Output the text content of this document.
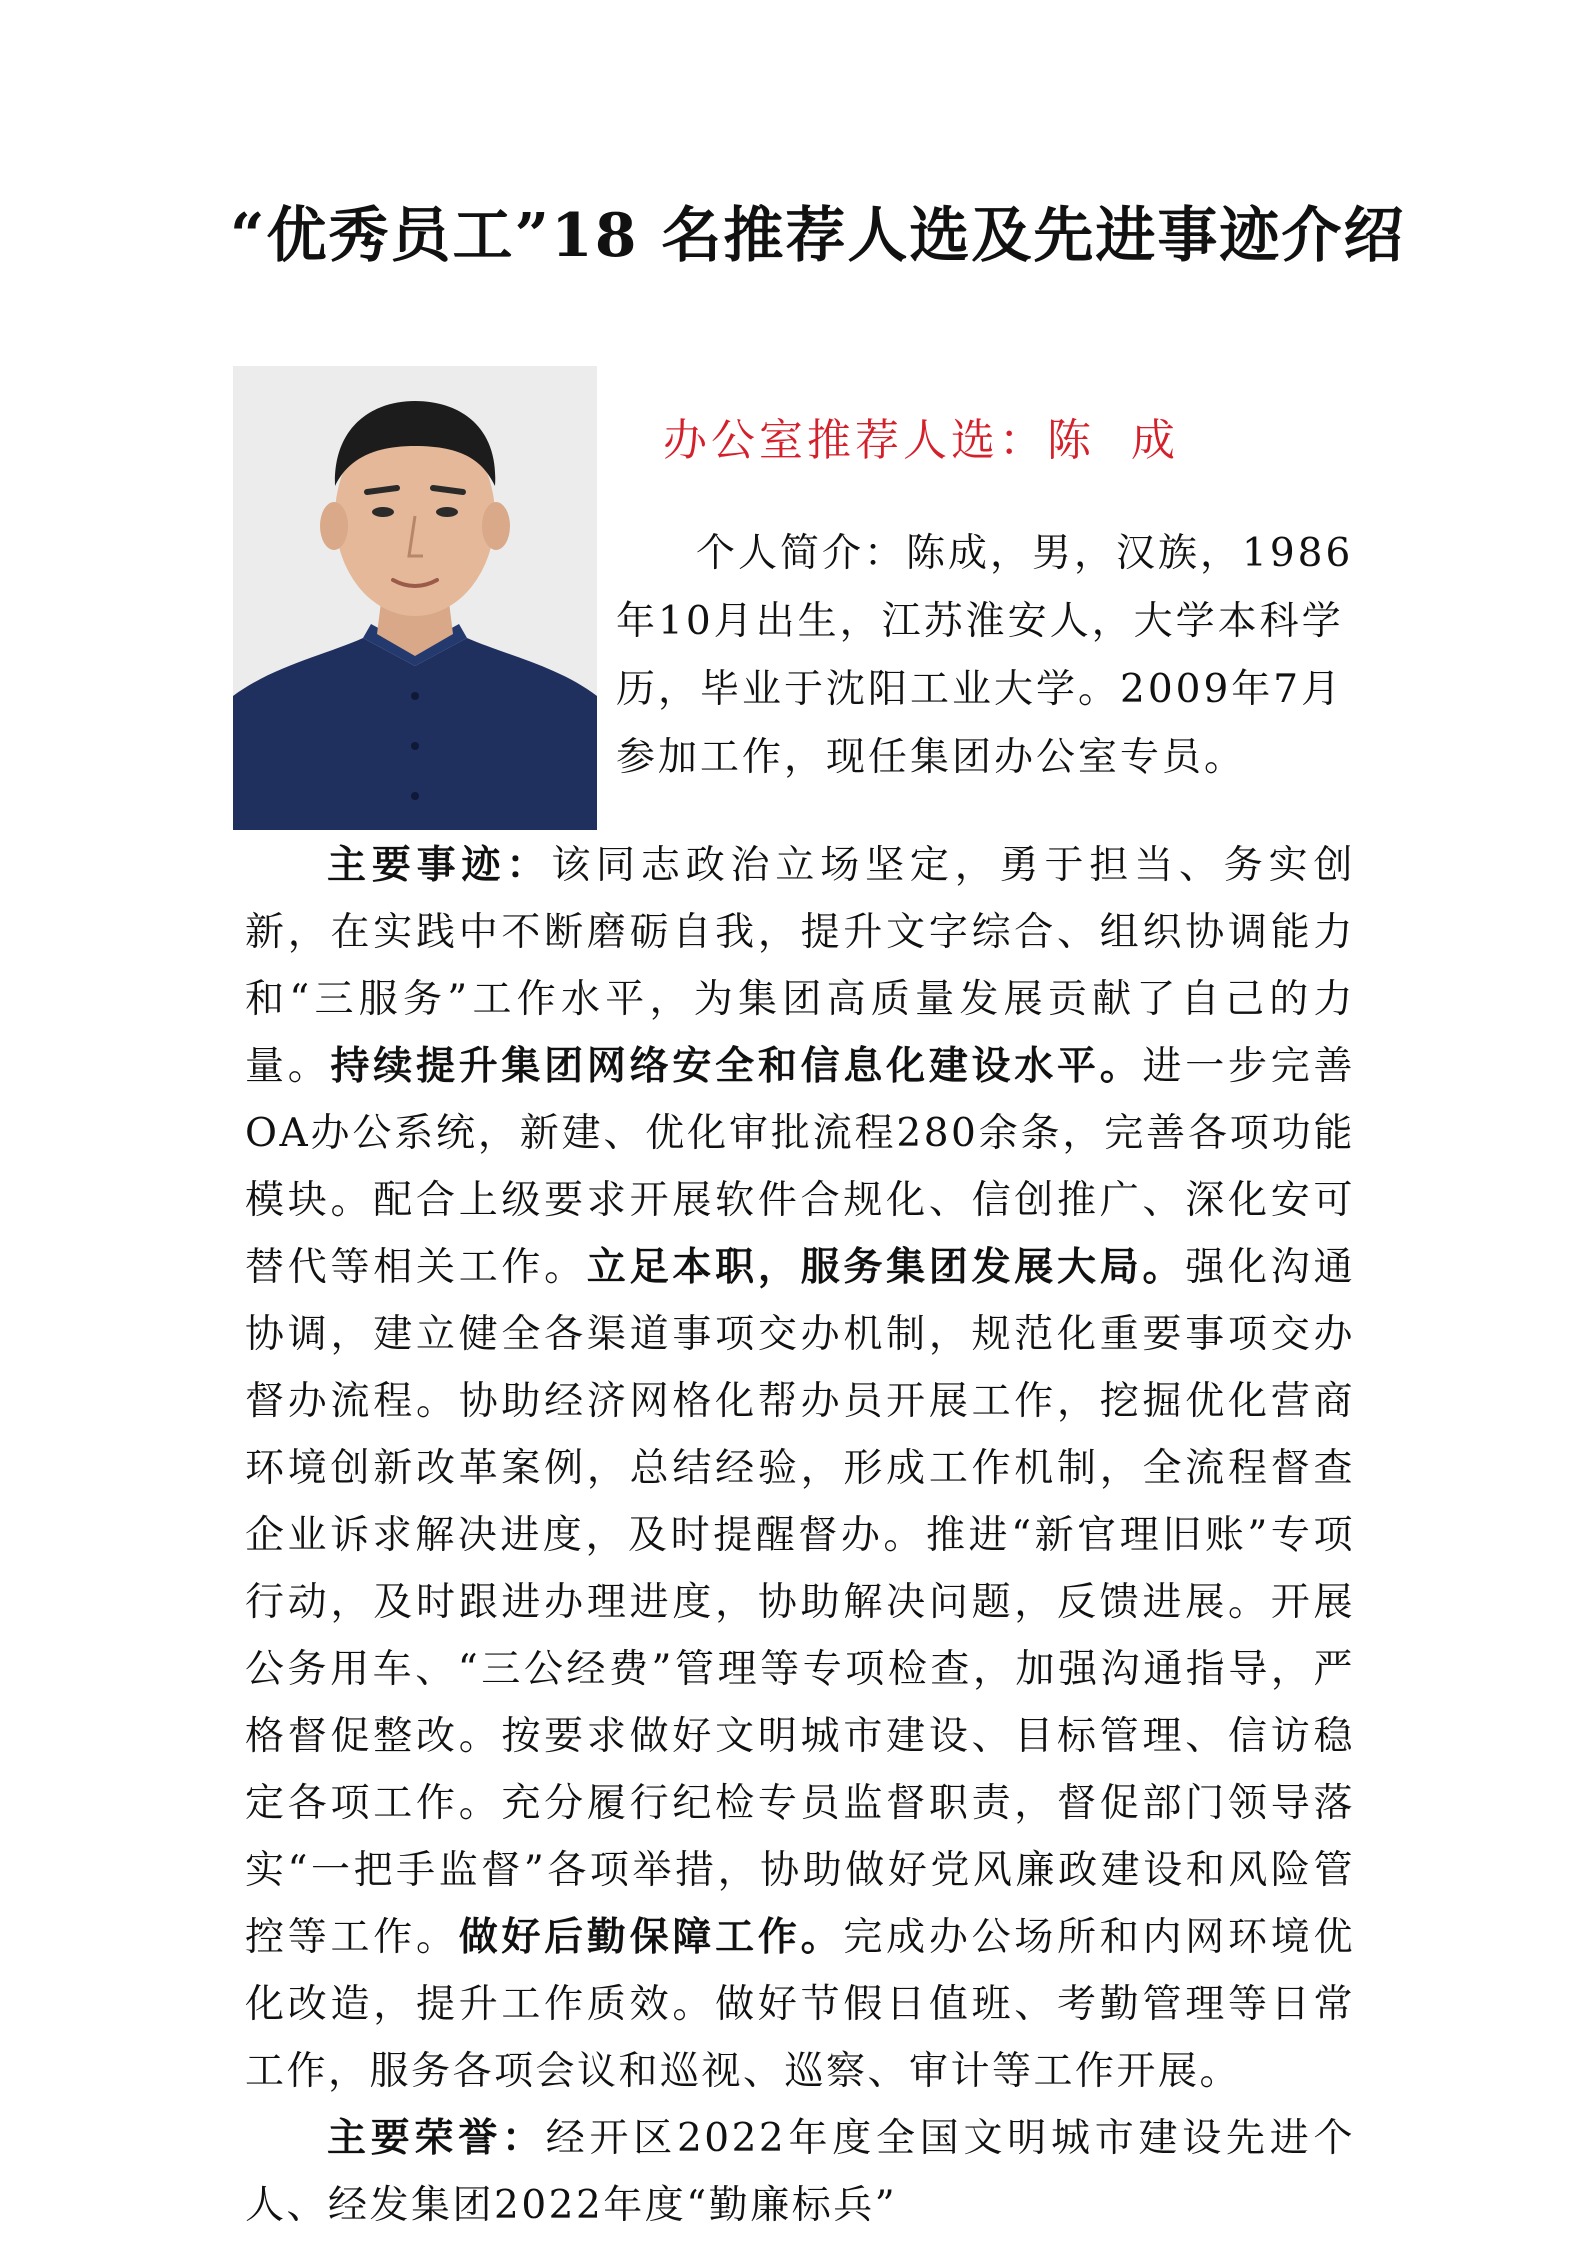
“优秀员工”18 名推荐人选及先进事迹介绍
办公室推荐人选：陈 成

个人简介：陈成，男，汉族，1986年10月出生，江苏淮安人，大学本科学历，毕业于沈阳工业大学。2009年7月参加工作，现任集团办公室专员。

主要事迹：该同志政治立场坚定，勇于担当、务实创新，在实践中不断磨砺自我，提升文字综合、组织协调能力和“三服务”工作水平，为集团高质量发展贡献了自己的力量。持续提升集团网络安全和信息化建设水平。进一步完善OA办公系统，新建、优化审批流程280余条，完善各项功能模块。配合上级要求开展软件合规化、信创推广、深化安可替代等相关工作。立足本职，服务集团发展大局。强化沟通协调，建立健全各渠道事项交办机制，规范化重要事项交办督办流程。协助经济网格化帮办员开展工作，挖掘优化营商环境创新改革案例，总结经验，形成工作机制，全流程督查企业诉求解决进度，及时提醒督办。推进“新官理旧账”专项行动，及时跟进办理进度，协助解决问题，反馈进展。开展公务用车、“三公经费”管理等专项检查，加强沟通指导，严格督促整改。按要求做好文明城市建设、目标管理、信访稳定各项工作。充分履行纪检专员监督职责，督促部门领导落实“一把手监督”各项举措，协助做好党风廉政建设和风险管控等工作。做好后勤保障工作。完成办公场所和内网环境优化改造，提升工作质效。做好节假日值班、考勤管理等日常工作，服务各项会议和巡视、巡察、审计等工作开展。

主要荣誉：经开区2022年度全国文明城市建设先进个人、经发集团2022年度“勤廉标兵”
